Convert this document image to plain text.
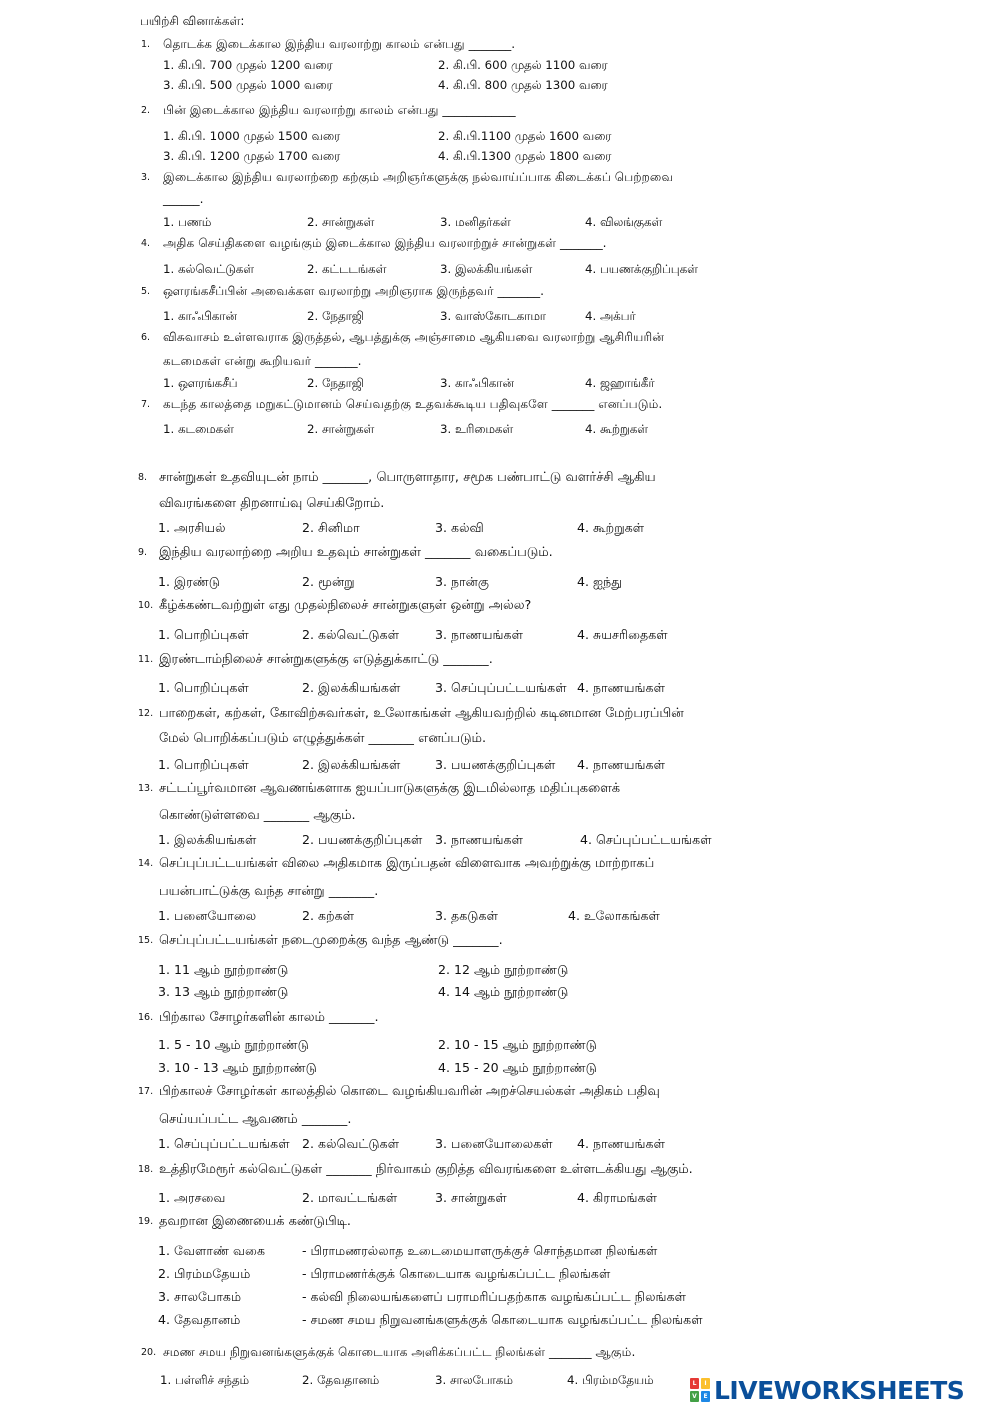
பயிற்சி வினாக்கள்:
1. தொடக்க இடைக்கால இந்திய வரலாற்று காலம் என்பது _______.
1. கி.பி. 700 முதல் 1200 வரை	2. கி.பி. 600 முதல் 1100 வரை
3. கி.பி. 500 முதல் 1000 வரை	4. கி.பி. 800 முதல் 1300 வரை
2. பின் இடைக்கால இந்திய வரலாற்று காலம் என்பது ____________
1. கி.பி. 1000 முதல் 1500 வரை	2. கி.பி.1100 முதல் 1600 வரை
3. கி.பி. 1200 முதல் 1700 வரை	4. கி.பி.1300 முதல் 1800 வரை
3. இடைக்கால இந்திய வரலாற்றை கற்கும் அறிஞர்களுக்கு நல்வாய்ப்பாக கிடைக்கப் பெற்றவை
______.
1. பணம்	2. சான்றுகள்	3. மனிதர்கள்	4. விலங்குகள்
4. அதிக செய்திகளை வழங்கும் இடைக்கால இந்திய வரலாற்றுச் சான்றுகள் _______.
1. கல்வெட்டுகள்	2. கட்டடங்கள்	3. இலக்கியங்கள்	4. பயணக்குறிப்புகள்
5. ஔரங்கசீப்பின் அவைக்கள வரலாற்று அறிஞராக இருந்தவர் _______.
1. காஃபிகான்	2. நேதாஜி	3. வாஸ்கோடகாமா	4. அக்பர்
6. விசுவாசம் உள்ளவராக இருத்தல், ஆபத்துக்கு அஞ்சாமை ஆகியவை வரலாற்று ஆசிரியரின்
கடமைகள் என்று கூறியவர் _______.
1. ஔரங்கசீப்	2. நேதாஜி	3. காஃபிகான்	4. ஜஹாங்கீர்
7. கடந்த காலத்தை மறுகட்டுமானம் செய்வதற்கு உதவக்கூடிய பதிவுகளே _______ எனப்படும்.
1. கடமைகள்	2. சான்றுகள்	3. உரிமைகள்	4. கூற்றுகள்
8. சான்றுகள் உதவியுடன் நாம் _______, பொருளாதார, சமூக பண்பாட்டு வளர்ச்சி ஆகிய
விவரங்களை திறனாய்வு செய்கிறோம்.
1. அரசியல்	2. சினிமா	3. கல்வி	4. கூற்றுகள்
9. இந்திய வரலாற்றை அறிய உதவும் சான்றுகள் _______ வகைப்படும்.
1. இரண்டு	2. மூன்று	3. நான்கு	4. ஐந்து
10. கீழ்க்கண்டவற்றுள் எது முதல்நிலைச் சான்றுகளுள் ஒன்று அல்ல?
1. பொறிப்புகள்	2. கல்வெட்டுகள்	3. நாணயங்கள்	4. சுயசரிதைகள்
11. இரண்டாம்நிலைச் சான்றுகளுக்கு எடுத்துக்காட்டு _______.
1. பொறிப்புகள்	2. இலக்கியங்கள்	3. செப்புப்பட்டயங்கள் 4. நாணயங்கள்
12. பாறைகள், கற்கள், கோவிற்சுவர்கள், உலோகங்கள் ஆகியவற்றில் கடினமான மேற்பரப்பின்
மேல் பொறிக்கப்படும் எழுத்துக்கள் _______ எனப்படும்.
1. பொறிப்புகள்	2. இலக்கியங்கள்	3. பயணக்குறிப்புகள் 4. நாணயங்கள்
13. சட்டப்பூர்வமான ஆவணங்களாக ஐயப்பாடுகளுக்கு இடமில்லாத மதிப்புகளைக்
கொண்டுள்ளவை _______ ஆகும்.
1. இலக்கியங்கள்	2. பயணக்குறிப்புகள் 3. நாணயங்கள்	4. செப்புப்பட்டயங்கள்
14. செப்புப்பட்டயங்கள் விலை அதிகமாக இருப்பதன் விளைவாக அவற்றுக்கு மாற்றாகப்
பயன்பாட்டுக்கு வந்த சான்று _______.
1. பனையோலை	2. கற்கள்	3. தகடுகள்	4. உலோகங்கள்
15. செப்புப்பட்டயங்கள் நடைமுறைக்கு வந்த ஆண்டு _______.
1. 11 ஆம் நூற்றாண்டு	2. 12 ஆம் நூற்றாண்டு
3. 13 ஆம் நூற்றாண்டு	4. 14 ஆம் நூற்றாண்டு
16. பிற்கால சோழர்களின் காலம் _______.
1. 5 - 10 ஆம் நூற்றாண்டு	2. 10 - 15 ஆம் நூற்றாண்டு
3. 10 - 13 ஆம் நூற்றாண்டு	4. 15 - 20 ஆம் நூற்றாண்டு
17. பிற்காலச் சோழர்கள் காலத்தில் கொடை வழங்கியவரின் அறச்செயல்கள் அதிகம் பதிவு
செய்யப்பட்ட ஆவணம் _______.
1. செப்புப்பட்டயங்கள் 2. கல்வெட்டுகள்	3. பனையோலைகள் 4. நாணயங்கள்
18. உத்திரமேரூர் கல்வெட்டுகள் _______ நிர்வாகம் குறித்த விவரங்களை உள்ளடக்கியது ஆகும்.
1. அரசவை	2. மாவட்டங்கள்	3. சான்றுகள்	4. கிராமங்கள்
19. தவறான இணையைக் கண்டுபிடி.
1. வேளாண் வகை	- பிராமணரல்லாத உடைமையாளருக்குச் சொந்தமான நிலங்கள்
2. பிரம்மதேயம்	- பிராமணர்க்குக் கொடையாக வழங்கப்பட்ட நிலங்கள்
3. சாலபோகம்	- கல்வி நிலையங்களைப் பராமரிப்பதற்காக வழங்கப்பட்ட நிலங்கள்
4. தேவதானம்	- சமண சமய நிறுவனங்களுக்குக் கொடையாக வழங்கப்பட்ட நிலங்கள்
20. சமண சமய நிறுவனங்களுக்குக் கொடையாக அளிக்கப்பட்ட நிலங்கள் _______ ஆகும்.
1. பள்ளிச் சந்தம்	2. தேவதானம்	3. சாலபோகம்	4. பிரம்மதேயம்	L	I
V	E LIVEWORKSHEETS
